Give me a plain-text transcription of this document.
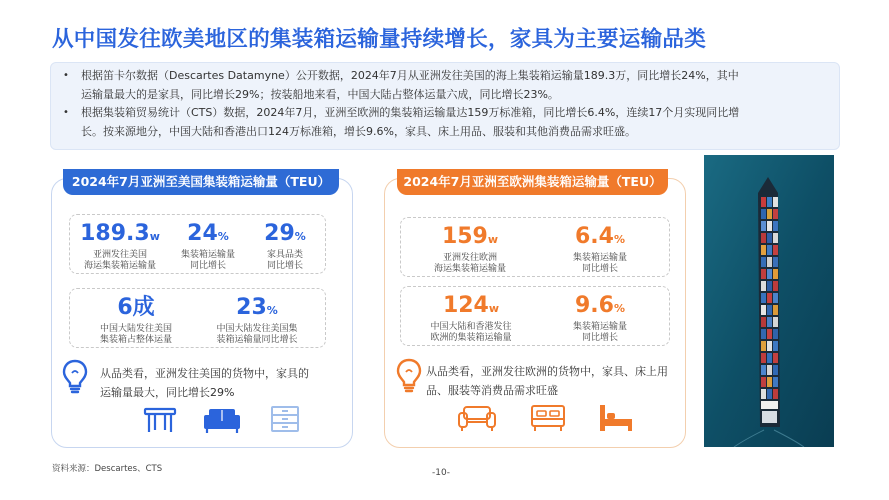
从中国发往欧美地区的集装箱运输量持续增长，家具为主要运输品类
•	根据笛卡尔数据（Descartes Datamyne）公开数据，2024年7月从亚洲发往美国的海上集装箱运输量189.3万，同比增长24%，其中
运输量最大的是家具，同比增长29%；按装船地来看，中国大陆占整体运量六成，同比增长23%。
•	根据集装箱贸易统计（CTS）数据，2024年7月，亚洲至欧洲的集装箱运输量达159万标准箱，同比增长6.4%，连续17个月实现同比增
长。按来源地分，中国大陆和香港出口124万标准箱，增长9.6%，家具、床上用品、服装和其他消费品需求旺盛。
2024年7月亚洲至美国集装箱运输量（TEU）
189.3w
亚洲发往美国
海运集装箱运输量
24%
集装箱运输量
同比增长
29%
家具品类
同比增长
6成
中国大陆发往美国
集装箱占整体运量
23%
中国大陆发往美国集
装箱运输量同比增长
从品类看，亚洲发往美国的货物中，家具的
运输量最大，同比增长29%
2024年7月亚洲至欧洲集装箱运输量（TEU）
159w
亚洲发往欧洲
海运集装箱运输量
6.4%
集装箱运输量
同比增长
124w
中国大陆和香港发往
欧洲的集装箱运输量
9.6%
集装箱运输量
同比增长
从品类看，亚洲发往欧洲的货物中，家具、床上用
品、服装等消费品需求旺盛
资料来源：Descartes、CTS	-10-
